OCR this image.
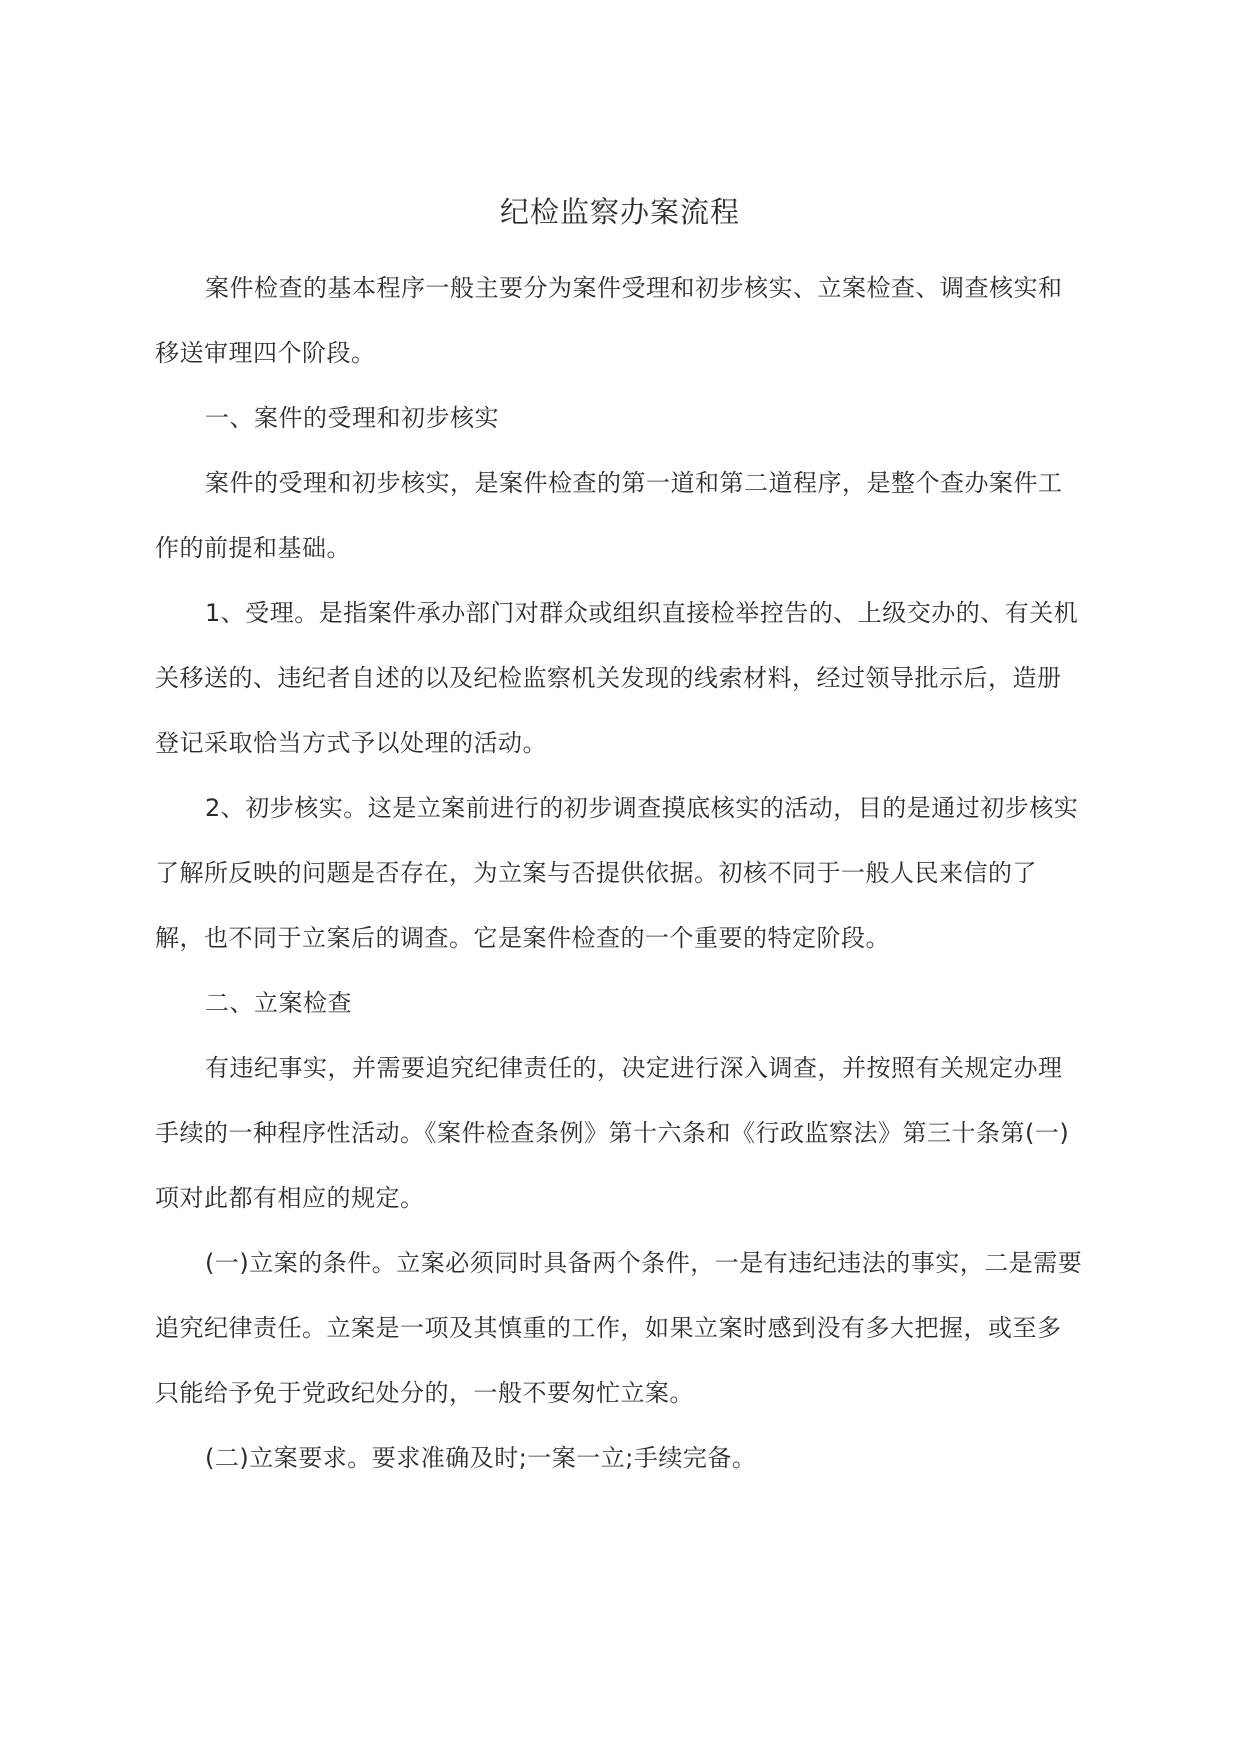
纪检监察办案流程

案件检查的基本程序一般主要分为案件受理和初步核实、立案检查、调查核实和移送审理四个阶段。

一、案件的受理和初步核实

案件的受理和初步核实，是案件检查的第一道和第二道程序，是整个查办案件工作的前提和基础。

1、受理。是指案件承办部门对群众或组织直接检举控告的、上级交办的、有关机关移送的、违纪者自述的以及纪检监察机关发现的线索材料，经过领导批示后，造册登记采取恰当方式予以处理的活动。

2、初步核实。这是立案前进行的初步调查摸底核实的活动，目的是通过初步核实了解所反映的问题是否存在，为立案与否提供依据。初核不同于一般人民来信的了解，也不同于立案后的调查。它是案件检查的一个重要的特定阶段。

二、立案检查

有违纪事实，并需要追究纪律责任的，决定进行深入调查，并按照有关规定办理手续的一种程序性活动。《案件检查条例》第十六条和《行政监察法》第三十条第(一)项对此都有相应的规定。

(一)立案的条件。立案必须同时具备两个条件，一是有违纪违法的事实，二是需要追究纪律责任。立案是一项及其慎重的工作，如果立案时感到没有多大把握，或至多只能给予免于党政纪处分的，一般不要匆忙立案。

(二)立案要求。要求准确及时;一案一立;手续完备。
